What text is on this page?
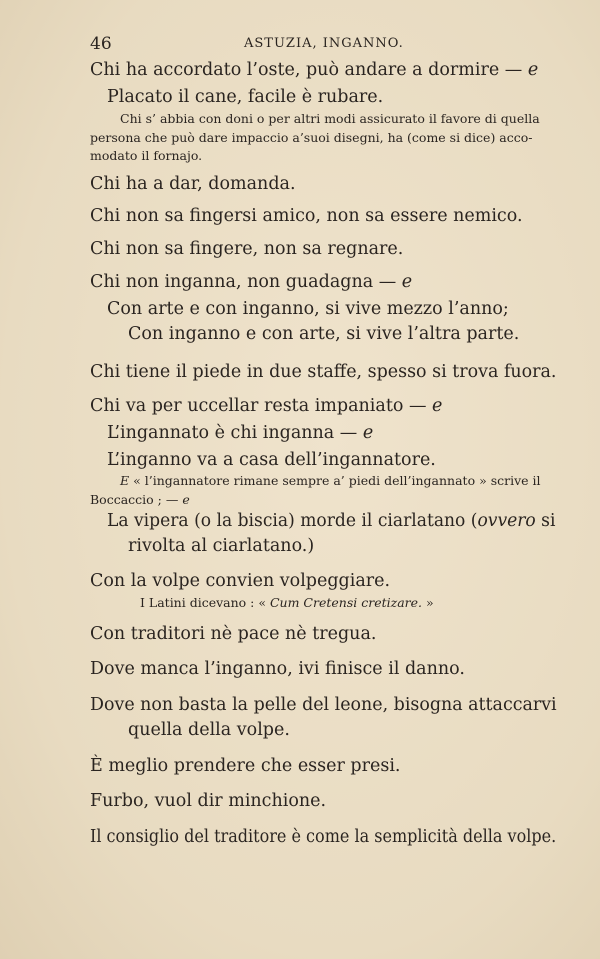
46	ASTUZIA, INGANNO.
Chi ha accordato l’oste, può andare a dormire — e
Placato il cane, facile è rubare.
Chi s’ abbia con doni o per altri modi assicurato il favore di quella
persona che può dare impaccio a’suoi disegni, ha (come si dice) acco-
modato il fornajo.
Chi ha a dar, domanda.
Chi non sa fingersi amico, non sa essere nemico.
Chi non sa fingere, non sa regnare.
Chi non inganna, non guadagna — e
Con arte e con inganno, si vive mezzo l’anno;
Con inganno e con arte, si vive l’altra parte.
Chi tiene il piede in due staffe, spesso si trova fuora.
Chi va per uccellar resta impaniato — e
L’ingannato è chi inganna — e
L’inganno va a casa dell’ingannatore.
E « l’ingannatore rimane sempre a’ piedi dell’ingannato » scrive il
Boccaccio ; — e
La vipera (o la biscia) morde il ciarlatano (ovvero si
rivolta al ciarlatano.)
Con la volpe convien volpeggiare.
I Latini dicevano : « Cum Cretensi cretizare. »
Con traditori nè pace nè tregua.
Dove manca l’inganno, ivi finisce il danno.
Dove non basta la pelle del leone, bisogna attaccarvi
quella della volpe.
È meglio prendere che esser presi.
Furbo, vuol dir minchione.
Il consiglio del traditore è come la semplicità della volpe.
